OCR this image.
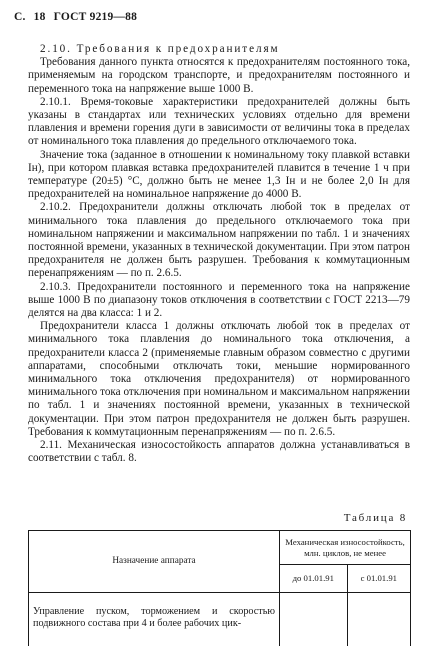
С. 18 ГОСТ 9219—88

2.10. Требования к предохранителям

Требования данного пункта относятся к предохранителям постоянного тока, применяемым на городском транспорте, и предохранителям постоянного и переменного тока на напряжение выше 1000 В.

2.10.1. Время-токовые характеристики предохранителей должны быть указаны в стандартах или технических условиях отдельно для времени плавления и времени горения дуги в зависимости от величины тока в пределах от номинального тока плавления до предельного отключаемого тока.

Значение тока (заданное в отношении к номинальному току плавкой вставки Iн), при котором плавкая вставка предохранителей плавится в течение 1 ч при температуре (20±5) °С, должно быть не менее 1,3 Iн и не более 2,0 Iн для предохранителей на номинальное напряжение до 4000 В.

2.10.2. Предохранители должны отключать любой ток в пределах от минимального тока плавления до предельного отключаемого тока при номинальном напряжении и максимальном напряжении по табл. 1 и значениях постоянной времени, указанных в технической документации. При этом патрон предохранителя не должен быть разрушен. Требования к коммутационным перенапряжениям — по п. 2.6.5.

2.10.3. Предохранители постоянного и переменного тока на напряжение выше 1000 В по диапазону токов отключения в соответствии с ГОСТ 2213—79 делятся на два класса: 1 и 2.

Предохранители класса 1 должны отключать любой ток в пределах от минимального тока плавления до номинального тока отключения, а предохранители класса 2 (применяемые главным образом совместно с другими аппаратами, способными отключать токи, меньшие нормированного минимального тока отключения предохранителя) от нормированного минимального тока отключения при номинальном и максимальном напряжении по табл. 1 и значениях постоянной времени, указанных в технической документации. При этом патрон предохранителя не должен быть разрушен. Требования к коммутационным перенапряжениям — по п. 2.6.5.

2.11. Механическая износостойкость аппаратов должна устанавливаться в соответствии с табл. 8.

Таблица 8
Назначение аппарата	Механическая износостойкость, млн. циклов, не менее	
	до 01.01.91	с 01.01.91
Управление пуском, торможением и скоростью подвижного состава при 4 и более рабочих цик-		
